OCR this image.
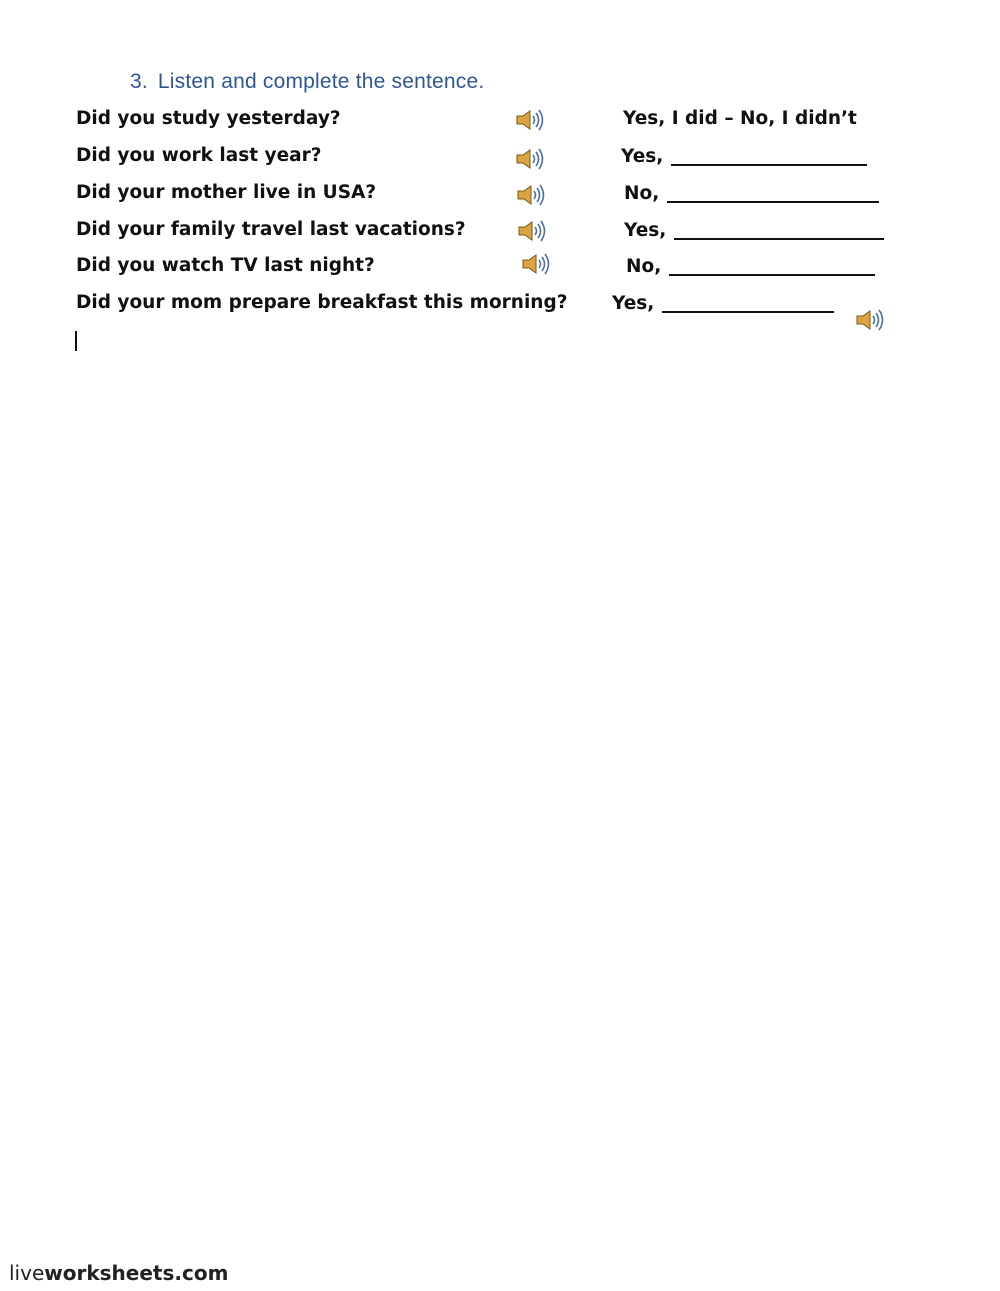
3. Listen and complete the sentence.
Did you study yesterday?	Yes, I did – No, I didn’t
Did you work last year?	Yes,
Did your mother live in USA?	No,
Did your family travel last vacations?	Yes,
Did you watch TV last night?	No,
Did your mom prepare breakfast this morning? Yes,
liveworksheets.com
